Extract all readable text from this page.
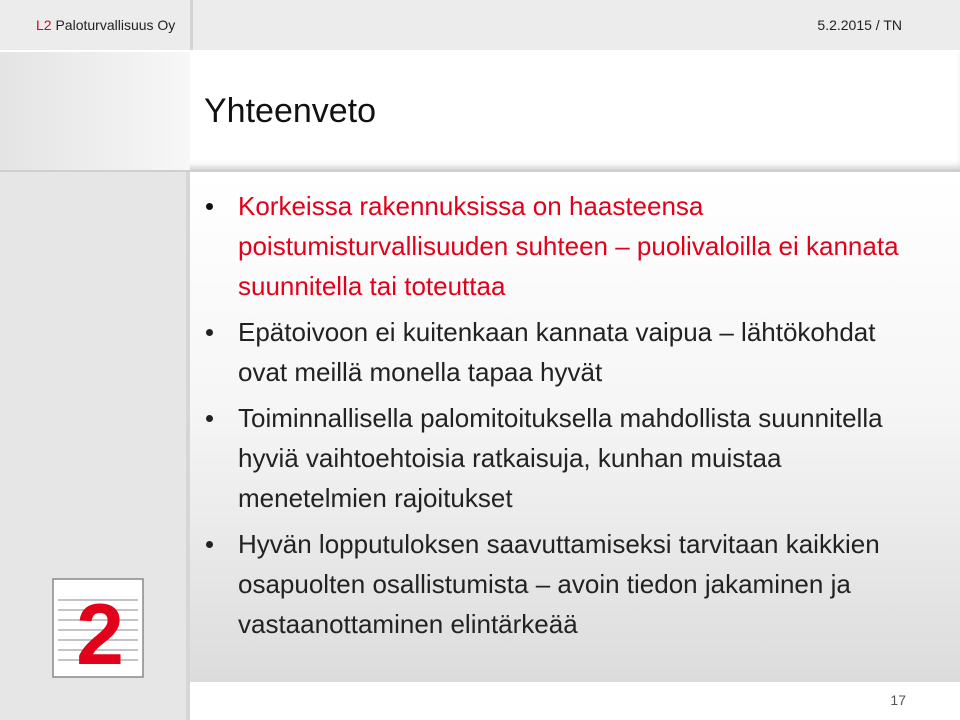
L2 Paloturvallisuus Oy	5.2.2015 / TN
Yhteenveto
Korkeissa rakennuksissa on haasteensa poistumisturvallisuuden suhteen – puolivaloilla ei kannata suunnitella tai toteuttaa
Epätoivoon ei kuitenkaan kannata vaipua – lähtökohdat ovat meillä monella tapaa hyvät
Toiminnallisella palomitoituksella mahdollista suunnitella hyviä vaihtoehtoisia ratkaisuja, kunhan muistaa menetelmien rajoitukset
Hyvän lopputuloksen saavuttamiseksi tarvitaan kaikkien osapuolten osallistumista – avoin tiedon jakaminen ja vastaanottaminen elintärkeää
2
17
